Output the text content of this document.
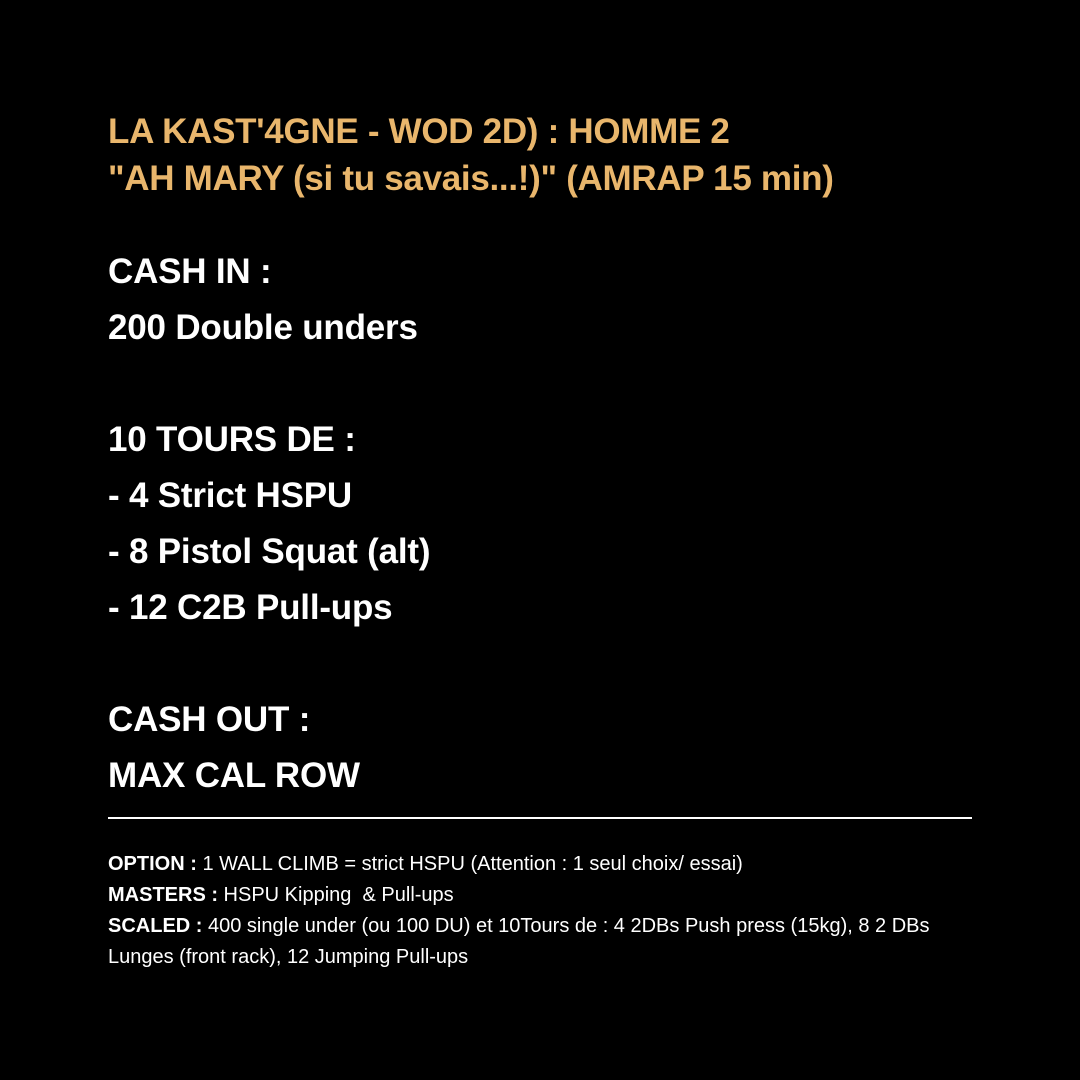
LA KAST'4GNE - WOD 2D) : HOMME 2
"AH MARY (si tu savais...!)" (AMRAP 15 min)
CASH IN :
200 Double unders
10 TOURS DE :
- 4 Strict HSPU
- 8 Pistol Squat (alt)
- 12 C2B Pull-ups
CASH OUT :
MAX CAL ROW

OPTION : 1 WALL CLIMB = strict HSPU (Attention : 1 seul choix/ essai)

MASTERS : HSPU Kipping  & Pull-ups

SCALED : 400 single under (ou 100 DU) et 10Tours de : 4 2DBs Push press (15kg), 8 2 DBs Lunges (front rack), 12 Jumping Pull-ups
